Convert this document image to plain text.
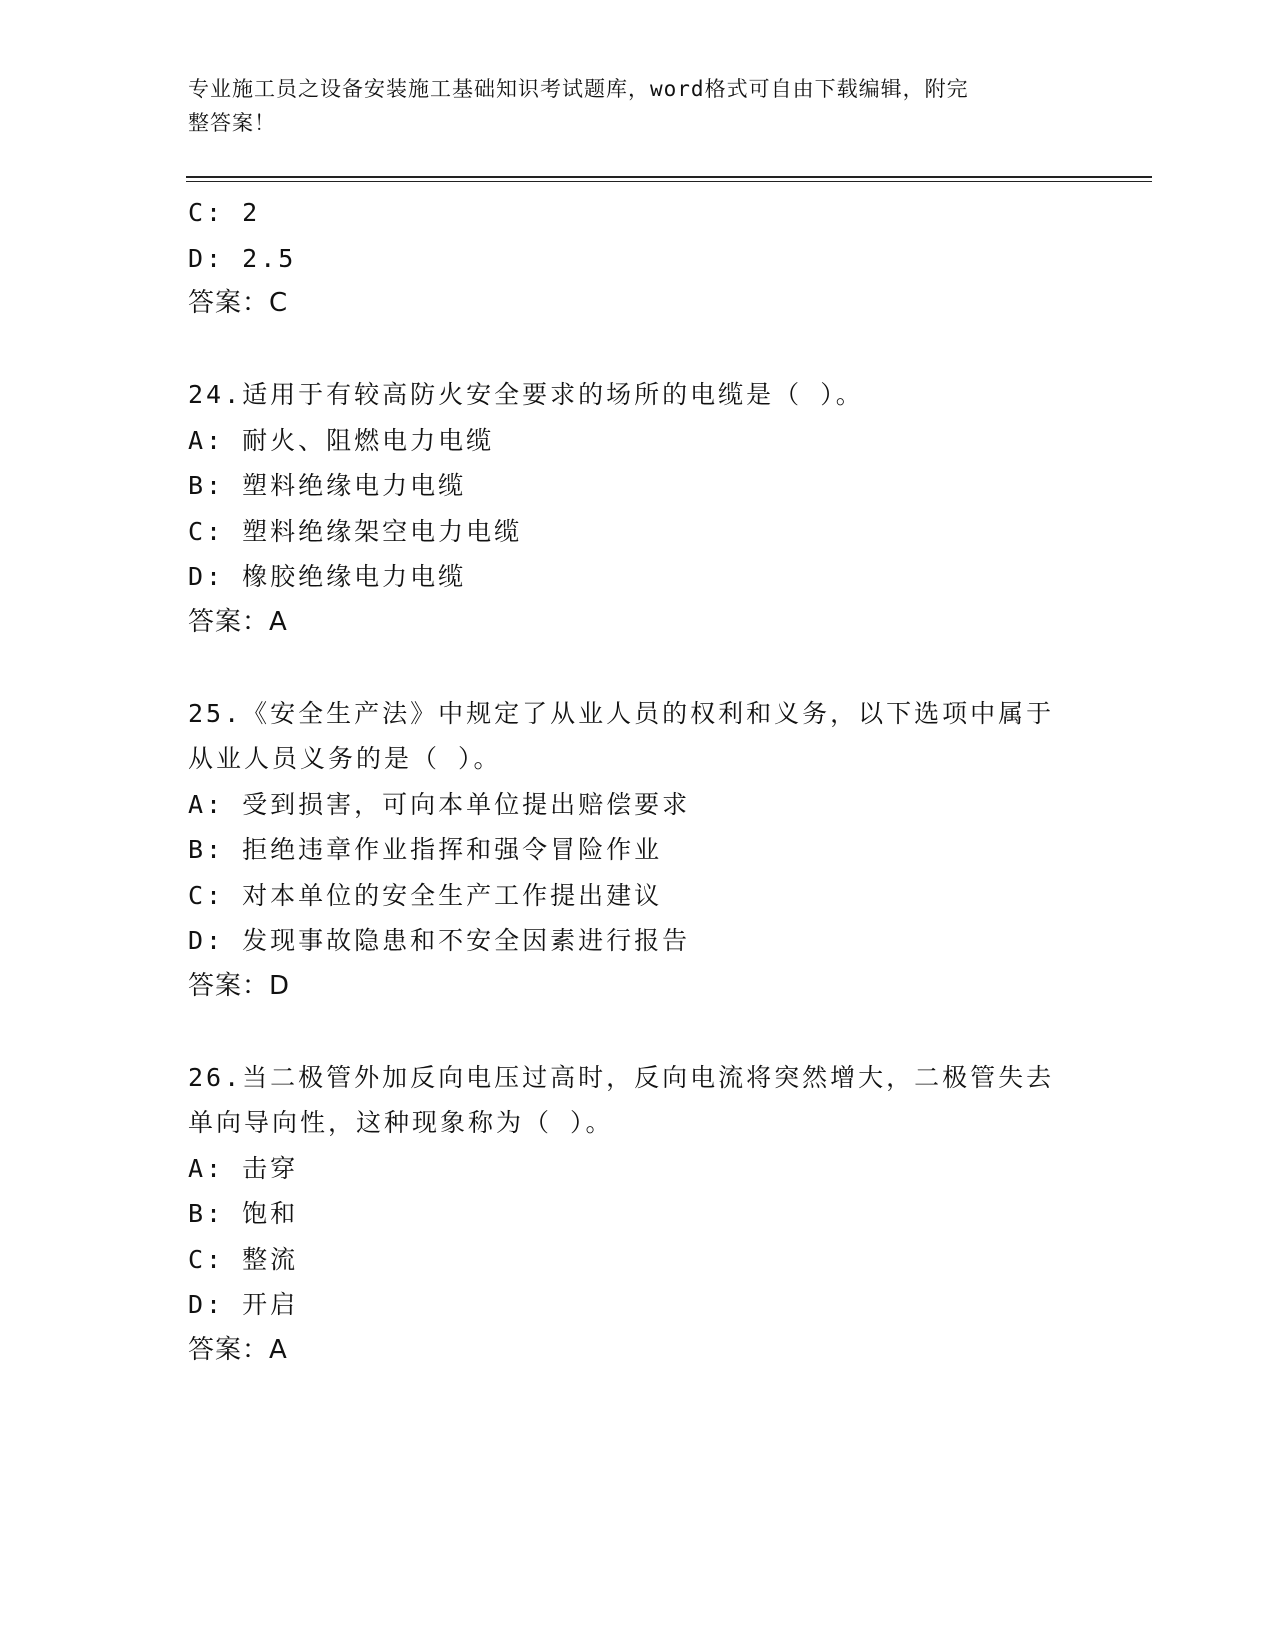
专业施工员之设备安装施工基础知识考试题库，word格式可自由下载编辑，附完
整答案！
C: 2
D: 2.5
答案：C
24.适用于有较高防火安全要求的场所的电缆是（ ）。
A: 耐火、阻燃电力电缆
B: 塑料绝缘电力电缆
C: 塑料绝缘架空电力电缆
D: 橡胶绝缘电力电缆
答案：A
25.《安全生产法》中规定了从业人员的权利和义务，以下选项中属于
从业人员义务的是（ ）。
A: 受到损害，可向本单位提出赔偿要求
B: 拒绝违章作业指挥和强令冒险作业
C: 对本单位的安全生产工作提出建议
D: 发现事故隐患和不安全因素进行报告
答案：D
26.当二极管外加反向电压过高时，反向电流将突然增大，二极管失去
单向导向性，这种现象称为（ ）。
A: 击穿
B: 饱和
C: 整流
D: 开启
答案：A
